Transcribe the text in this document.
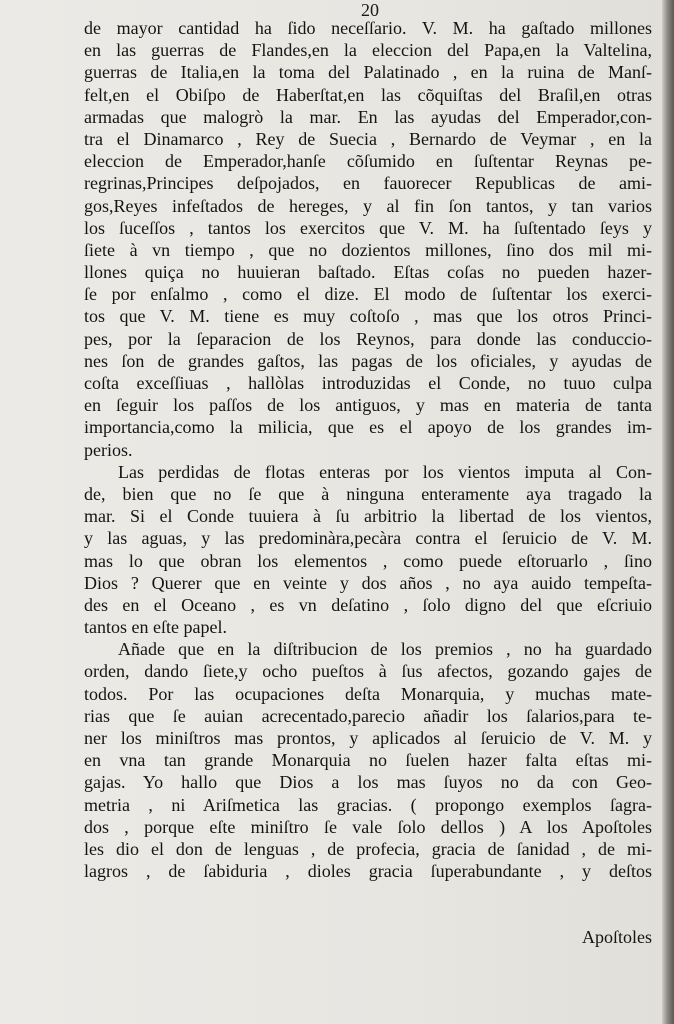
20
de mayor cantidad ha ſido neceſſario. V. M. ha gaſtado millones
en las guerras de Flandes,en la eleccion del Papa,en la Valtelina,
guerras de Italia,en la toma del Palatinado , en la ruina de Manſ-
felt,en el Obiſpo de Haberſtat,en las cõquiſtas del Braſil,en otras
armadas que malogrò la mar. En las ayudas del Emperador,con-
tra el Dinamarco , Rey de Suecia , Bernardo de Veymar , en la
eleccion de Emperador,hanſe cõſumido en ſuſtentar Reynas pe-
regrinas,Principes deſpojados, en fauorecer Republicas de ami-
gos,Reyes infeſtados de hereges, y al fin ſon tantos, y tan varios
los ſuceſſos , tantos los exercitos que V. M. ha ſuſtentado ſeys y
ſiete à vn tiempo , que no dozientos millones, ſino dos mil mi-
llones quiça no huuieran baſtado. Eſtas coſas no pueden hazer-
ſe por enſalmo , como el dize. El modo de ſuſtentar los exerci-
tos que V. M. tiene es muy coſtoſo , mas que los otros Princi-
pes, por la ſeparacion de los Reynos, para donde las conduccio-
nes ſon de grandes gaſtos, las pagas de los oficiales, y ayudas de
coſta exceſſiuas , hallòlas introduzidas el Conde, no tuuo culpa
en ſeguir los paſſos de los antiguos, y mas en materia de tanta
importancia,como la milicia, que es el apoyo de los grandes im-
perios.
Las perdidas de flotas enteras por los vientos imputa al Con-
de, bien que no ſe que à ninguna enteramente aya tragado la
mar. Si el Conde tuuiera à ſu arbitrio la libertad de los vientos,
y las aguas, y las predominàra,pecàra contra el ſeruicio de V. M.
mas lo que obran los elementos , como puede eſtoruarlo , ſino
Dios ? Querer que en veinte y dos años , no aya auido tempeſta-
des en el Oceano , es vn deſatino , ſolo digno del que eſcriuio
tantos en eſte papel.
Añade que en la diſtribucion de los premios , no ha guardado
orden, dando ſiete,y ocho pueſtos à ſus afectos, gozando gajes de
todos. Por las ocupaciones deſta Monarquia, y muchas mate-
rias que ſe auian acrecentado,parecio añadir los ſalarios,para te-
ner los miniſtros mas prontos, y aplicados al ſeruicio de V. M. y
en vna tan grande Monarquia no ſuelen hazer falta eſtas mi-
gajas. Yo hallo que Dios a los mas ſuyos no da con Geo-
metria , ni Ariſmetica las gracias. ( propongo exemplos ſagra-
dos , porque eſte miniſtro ſe vale ſolo dellos ) A los Apoſtoles
les dio el don de lenguas , de profecia, gracia de ſanidad , de mi-
lagros , de ſabiduria , dioles gracia ſuperabundante , y deſtos
Apoſtoles
